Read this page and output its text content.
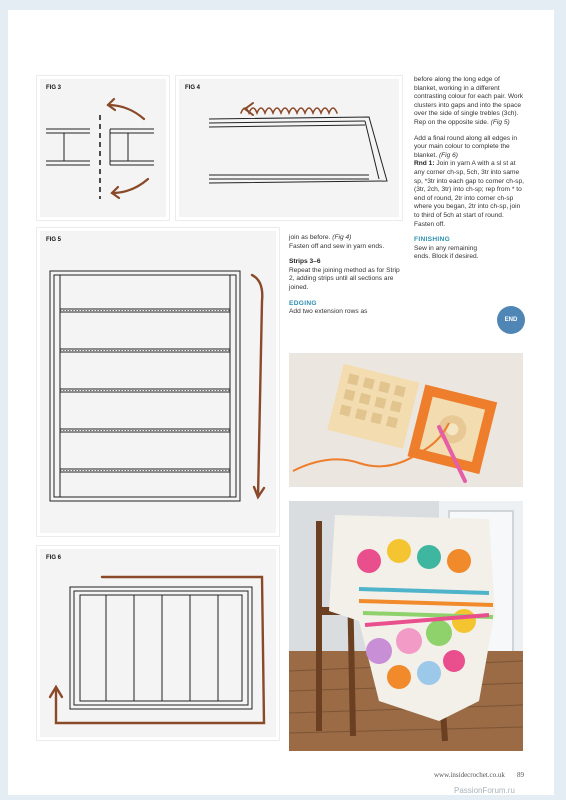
FIG 3	FIG 4
FIG 5
FIG 6

before along the long edge of blanket, working in a different contrasting colour for each pair. Work clusters into gaps and into the space over the side of single trebles (3ch).
Rep on the opposite side. (Fig 5)

Add a final round along all edges in your main colour to complete the blanket. (Fig 6)
Rnd 1: Join in yarn A with a sl st at any corner ch-sp, 5ch, 3tr into same sp, *3tr into each gap to corner ch-sp, (3tr, 2ch, 3tr) into ch-sp; rep from * to end of round, 2tr into corner ch-sp where you began, 2tr into ch-sp, join to third of 5ch at start of round. Fasten off.

FINISHING
Sew in any remaining ends. Block if desired.
END

join as before. (Fig 4)
Fasten off and sew in yarn ends.

Strips 3–6

Repeat the joining method as for Strip 2, adding strips until all sections are joined.

EDGING
Add two extension rows as
www.insidecrochet.co.uk 89
PassionForum.ru
